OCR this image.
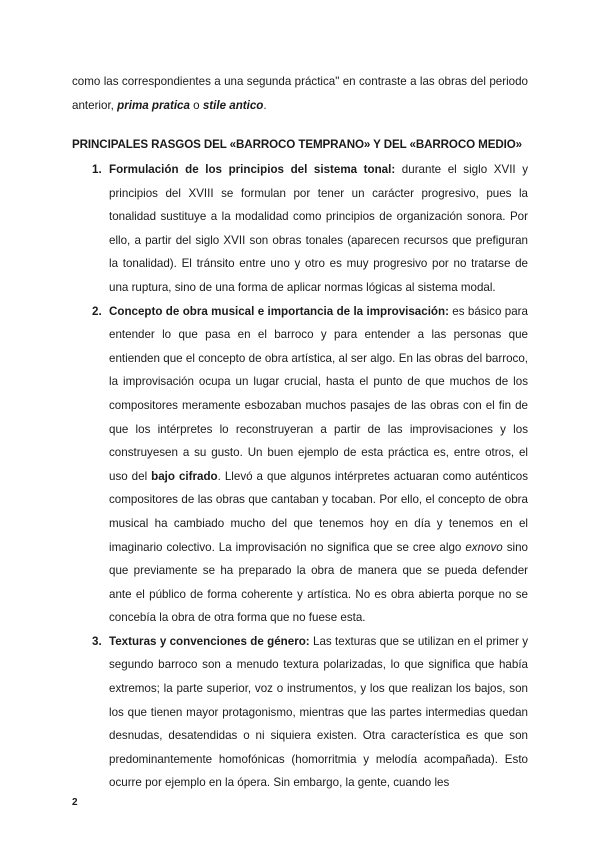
como las correspondientes a una segunda práctica" en contraste a las obras del periodo anterior, prima pratica o stile antico.

PRINCIPALES RASGOS DEL «BARROCO TEMPRANO» Y DEL «BARROCO MEDIO»
1. Formulación de los principios del sistema tonal: durante el siglo XVII y principios del XVIII se formulan por tener un carácter progresivo, pues la tonalidad sustituye a la modalidad como principios de organización sonora. Por ello, a partir del siglo XVII son obras tonales (aparecen recursos que prefiguran la tonalidad). El tránsito entre uno y otro es muy progresivo por no tratarse de una ruptura, sino de una forma de aplicar normas lógicas al sistema modal.
2. Concepto de obra musical e importancia de la improvisación: es básico para entender lo que pasa en el barroco y para entender a las personas que entienden que el concepto de obra artística, al ser algo. En las obras del barroco, la improvisación ocupa un lugar crucial, hasta el punto de que muchos de los compositores meramente esbozaban muchos pasajes de las obras con el fin de que los intérpretes lo reconstruyeran a partir de las improvisaciones y los construyesen a su gusto. Un buen ejemplo de esta práctica es, entre otros, el uso del bajo cifrado. Llevó a que algunos intérpretes actuaran como auténticos compositores de las obras que cantaban y tocaban. Por ello, el concepto de obra musical ha cambiado mucho del que tenemos hoy en día y tenemos en el imaginario colectivo. La improvisación no significa que se cree algo exnovo sino que previamente se ha preparado la obra de manera que se pueda defender ante el público de forma coherente y artística. No es obra abierta porque no se concebía la obra de otra forma que no fuese esta.
3. Texturas y convenciones de género: Las texturas que se utilizan en el primer y segundo barroco son a menudo textura polarizadas, lo que significa que había extremos; la parte superior, voz o instrumentos, y los que realizan los bajos, son los que tienen mayor protagonismo, mientras que las partes intermedias quedan desnudas, desatendidas o ni siquiera existen. Otra característica es que son predominantemente homofónicas (homorritmia y melodía acompañada). Esto ocurre por ejemplo en la ópera. Sin embargo, la gente, cuando les
2
